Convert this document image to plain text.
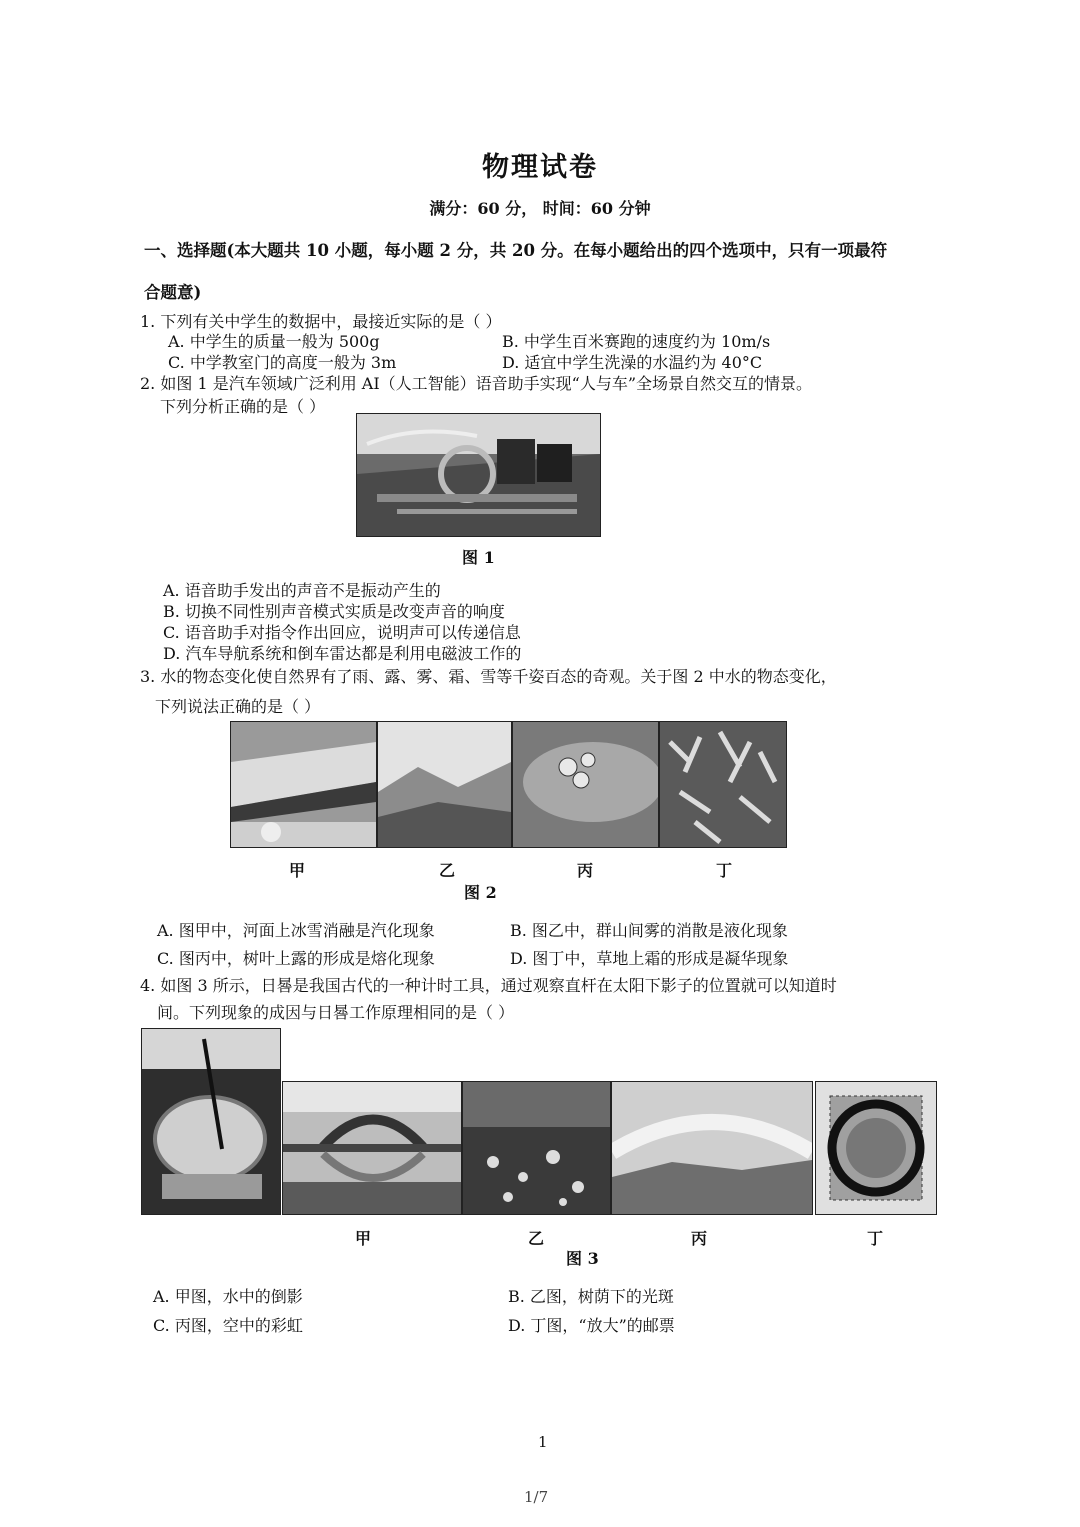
物理试卷
满分：60 分， 时间：60 分钟
一、选择题(本大题共 10 小题，每小题 2 分，共 20 分。在每小题给出的四个选项中，只有一项最符
合题意)
1. 下列有关中学生的数据中，最接近实际的是（ ）
A. 中学生的质量一般为 500g	B. 中学生百米赛跑的速度约为 10m/s
C. 中学教室门的高度一般为 3m	D. 适宜中学生洗澡的水温约为 40°C
2. 如图 1 是汽车领域广泛利用 AI（人工智能）语音助手实现“人与车”全场景自然交互的情景。
下列分析正确的是（ ）
图 1
A. 语音助手发出的声音不是振动产生的
B. 切换不同性别声音模式实质是改变声音的响度
C. 语音助手对指令作出回应，说明声可以传递信息
D. 汽车导航系统和倒车雷达都是利用电磁波工作的
3. 水的物态变化使自然界有了雨、露、雾、霜、雪等千姿百态的奇观。关于图 2 中水的物态变化，
下列说法正确的是（ ）
甲	乙	丙	丁
图 2
A. 图甲中，河面上冰雪消融是汽化现象	B. 图乙中，群山间雾的消散是液化现象
C. 图丙中，树叶上露的形成是熔化现象	D. 图丁中，草地上霜的形成是凝华现象
4. 如图 3 所示，日晷是我国古代的一种计时工具，通过观察直杆在太阳下影子的位置就可以知道时
间。下列现象的成因与日晷工作原理相同的是（ ）
甲	乙	丙	丁
图 3
A. 甲图，水中的倒影	B. 乙图，树荫下的光斑
C. 丙图，空中的彩虹	D. 丁图，“放大”的邮票
1
1/7
